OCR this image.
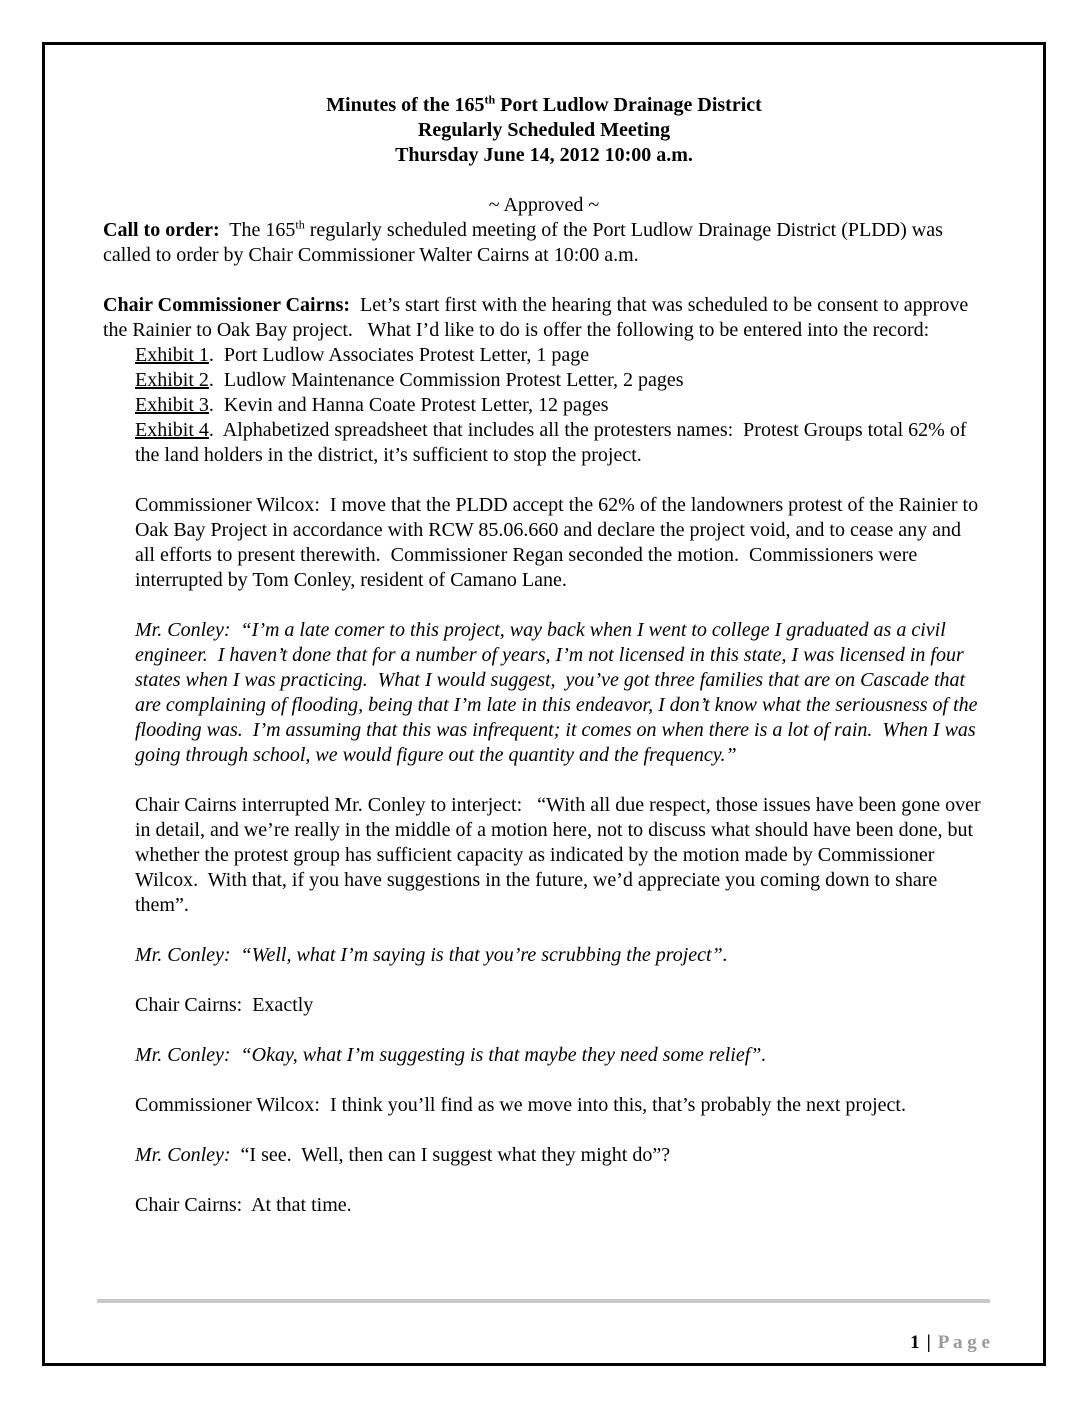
Minutes of the 165th Port Ludlow Drainage District

Regularly Scheduled Meeting

Thursday June 14, 2012 10:00 a.m.

~ Approved ~

Call to order:  The 165th regularly scheduled meeting of the Port Ludlow Drainage District (PLDD) was called to order by Chair Commissioner Walter Cairns at 10:00 a.m.

Chair Commissioner Cairns:  Let’s start first with the hearing that was scheduled to be consent to approve the Rainier to Oak Bay project.   What I’d like to do is offer the following to be entered into the record:

Exhibit 1.  Port Ludlow Associates Protest Letter, 1 page

Exhibit 2.  Ludlow Maintenance Commission Protest Letter, 2 pages

Exhibit 3.  Kevin and Hanna Coate Protest Letter, 12 pages

Exhibit 4.  Alphabetized spreadsheet that includes all the protesters names:  Protest Groups total 62% of the land holders in the district, it’s sufficient to stop the project.

Commissioner Wilcox:  I move that the PLDD accept the 62% of the landowners protest of the Rainier to Oak Bay Project in accordance with RCW 85.06.660 and declare the project void, and to cease any and all efforts to present therewith.  Commissioner Regan seconded the motion.  Commissioners were interrupted by Tom Conley, resident of Camano Lane.

Mr. Conley:  “I’m a late comer to this project, way back when I went to college I graduated as a civil engineer.  I haven’t done that for a number of years, I’m not licensed in this state, I was licensed in four states when I was practicing.  What I would suggest,  you’ve got three families that are on Cascade that are complaining of flooding, being that I’m late in this endeavor, I don’t know what the seriousness of the flooding was.  I’m assuming that this was infrequent; it comes on when there is a lot of rain.  When I was going through school, we would figure out the quantity and the frequency.”

Chair Cairns interrupted Mr. Conley to interject:   “With all due respect, those issues have been gone over in detail, and we’re really in the middle of a motion here, not to discuss what should have been done, but whether the protest group has sufficient capacity as indicated by the motion made by Commissioner Wilcox.  With that, if you have suggestions in the future, we’d appreciate you coming down to share them”.

Mr. Conley:  “Well, what I’m saying is that you’re scrubbing the project”.

Chair Cairns:  Exactly

Mr. Conley:  “Okay, what I’m suggesting is that maybe they need some relief”.

Commissioner Wilcox:  I think you’ll find as we move into this, that’s probably the next project.

Mr. Conley:  “I see.  Well, then can I suggest what they might do”?

Chair Cairns:  At that time.

1 | P a g e
